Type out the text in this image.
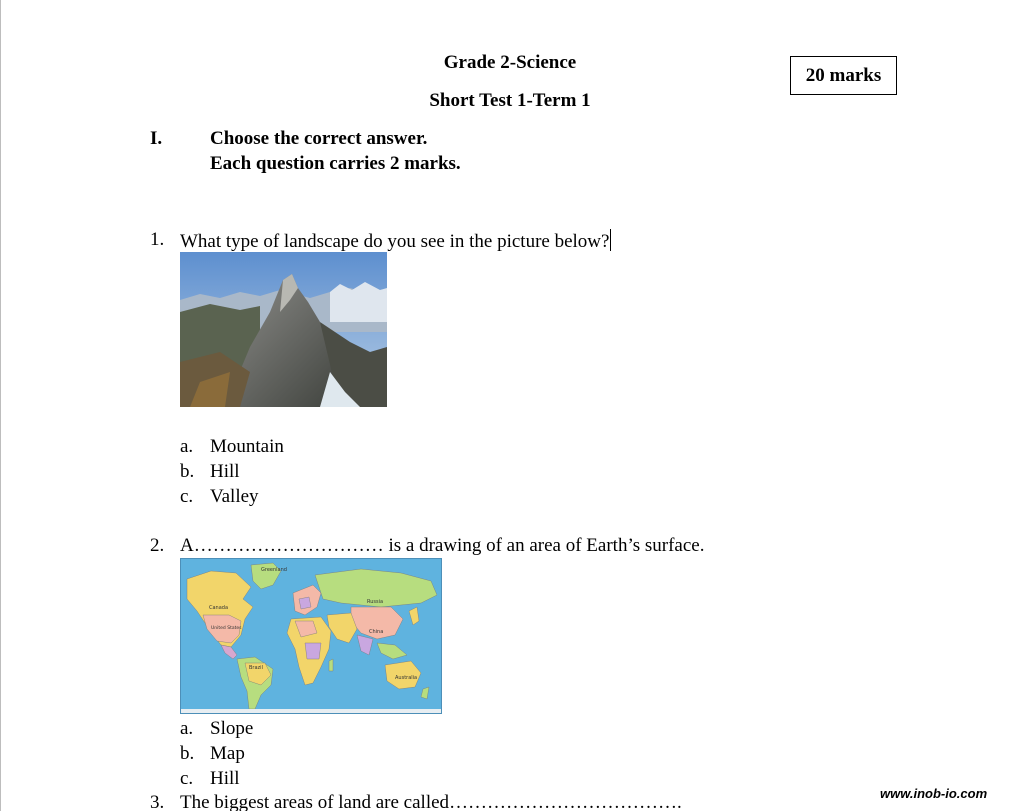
Grade 2-Science
Short Test 1-Term 1
20 marks
I.	Choose the correct answer.
Each question carries 2 marks.
1. What type of landscape do you see in the picture below?
a. Mountain
b. Hill
c. Valley
2. A………………………… is a drawing of an area of Earth’s surface.
Greenland
Canada
United States
Russia
China
Brazil
Australia
a. Slope
b. Map
c. Hill
3. The biggest areas of land are called……………………………….	www.inob-io.com
